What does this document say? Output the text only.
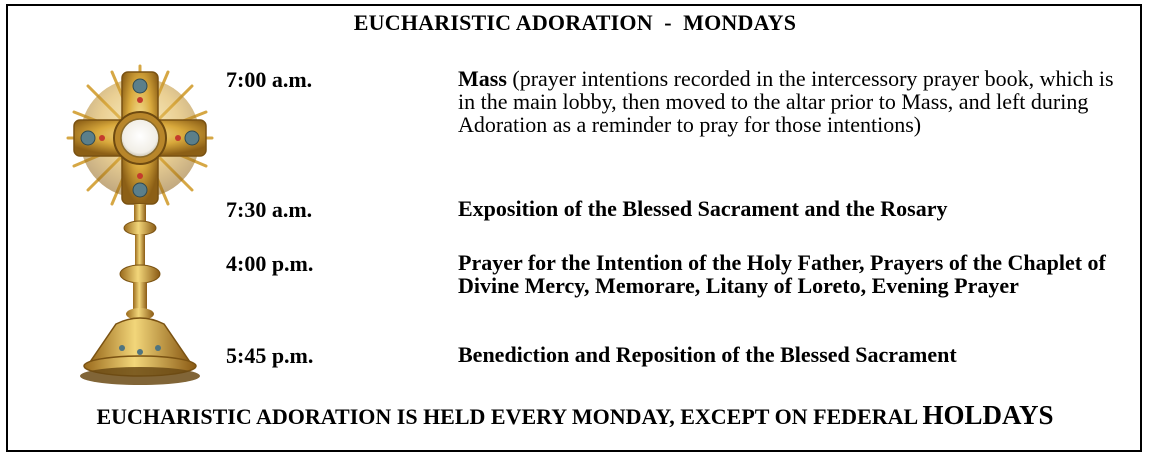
EUCHARISTIC ADORATION  -  MONDAYS
7:00 a.m.	Mass (prayer intentions recorded in the intercessory prayer book, which is in the main lobby, then moved to the altar prior to Mass, and left during Adoration as a reminder to pray for those intentions)
7:30 a.m.	Exposition of the Blessed Sacrament and the Rosary
4:00 p.m.	Prayer for the Intention of the Holy Father, Prayers of the Chaplet of Divine Mercy, Memorare, Litany of Loreto, Evening Prayer
5:45 p.m.	Benediction and Reposition of the Blessed Sacrament
EUCHARISTIC ADORATION IS HELD EVERY MONDAY, EXCEPT ON FEDERAL HOLDAYS
